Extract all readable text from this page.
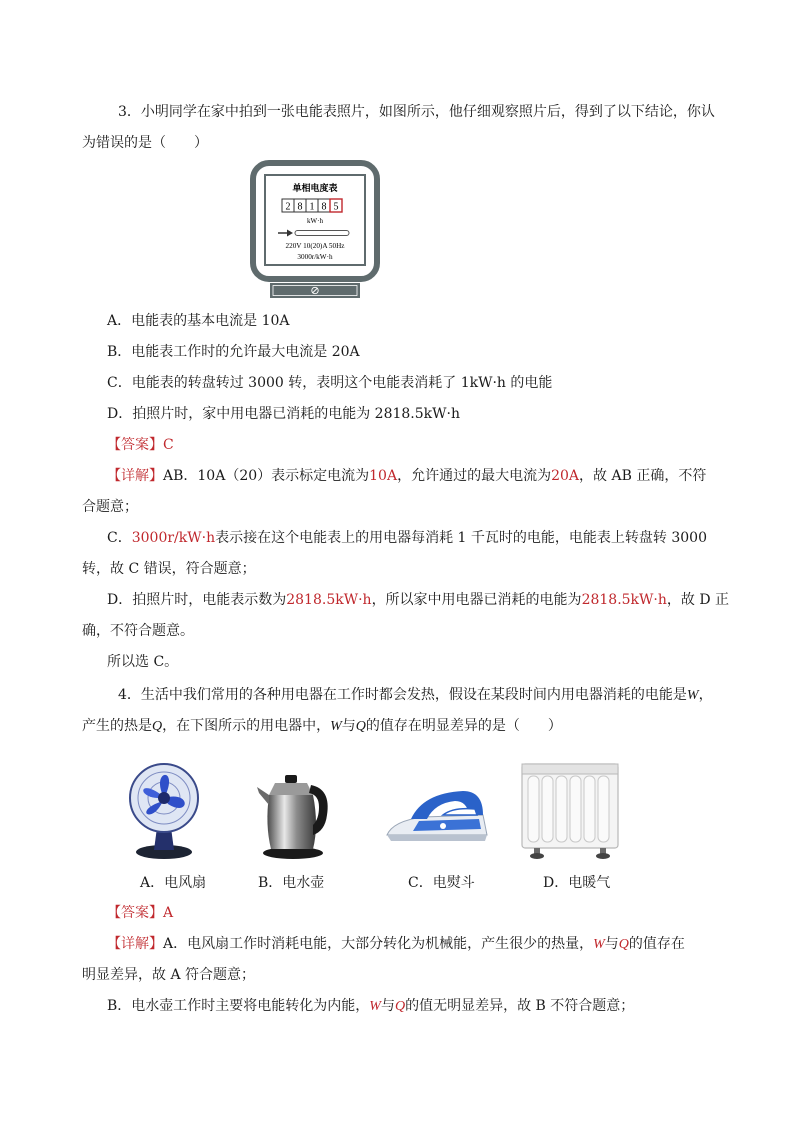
3．小明同学在家中拍到一张电能表照片，如图所示，他仔细观察照片后，得到了以下结论，你认
为错误的是（　　）
单相电度表
2 8 1 8 5
kW·h
220V 10(20)A 50Hz
3000r/kW·h
A．电能表的基本电流是 10A
B．电能表工作时的允许最大电流是 20A
C．电能表的转盘转过 3000 转，表明这个电能表消耗了 1kW·h 的电能
D．拍照片时，家中用电器已消耗的电能为 2818.5kW·h
【答案】C
【详解】AB．10A（20）表示标定电流为10A，允许通过的最大电流为20A，故 AB 正确，不符
合题意；
C．3000r/kW·h表示接在这个电能表上的用电器每消耗 1 千瓦时的电能，电能表上转盘转 3000
转，故 C 错误，符合题意；
D．拍照片时，电能表示数为2818.5kW·h，所以家中用电器已消耗的电能为2818.5kW·h，故 D 正
确，不符合题意。
所以选 C。
4．生活中我们常用的各种用电器在工作时都会发热，假设在某段时间内用电器消耗的电能是W，
产生的热是Q，在下图所示的用电器中，W与Q的值存在明显差异的是（　　）
A．电风扇	B．电水壶	C．电熨斗	D．电暖气
【答案】A
【详解】A．电风扇工作时消耗电能，大部分转化为机械能，产生很少的热量，W与Q的值存在
明显差异，故 A 符合题意；
B．电水壶工作时主要将电能转化为内能，W与Q的值无明显差异，故 B 不符合题意；
